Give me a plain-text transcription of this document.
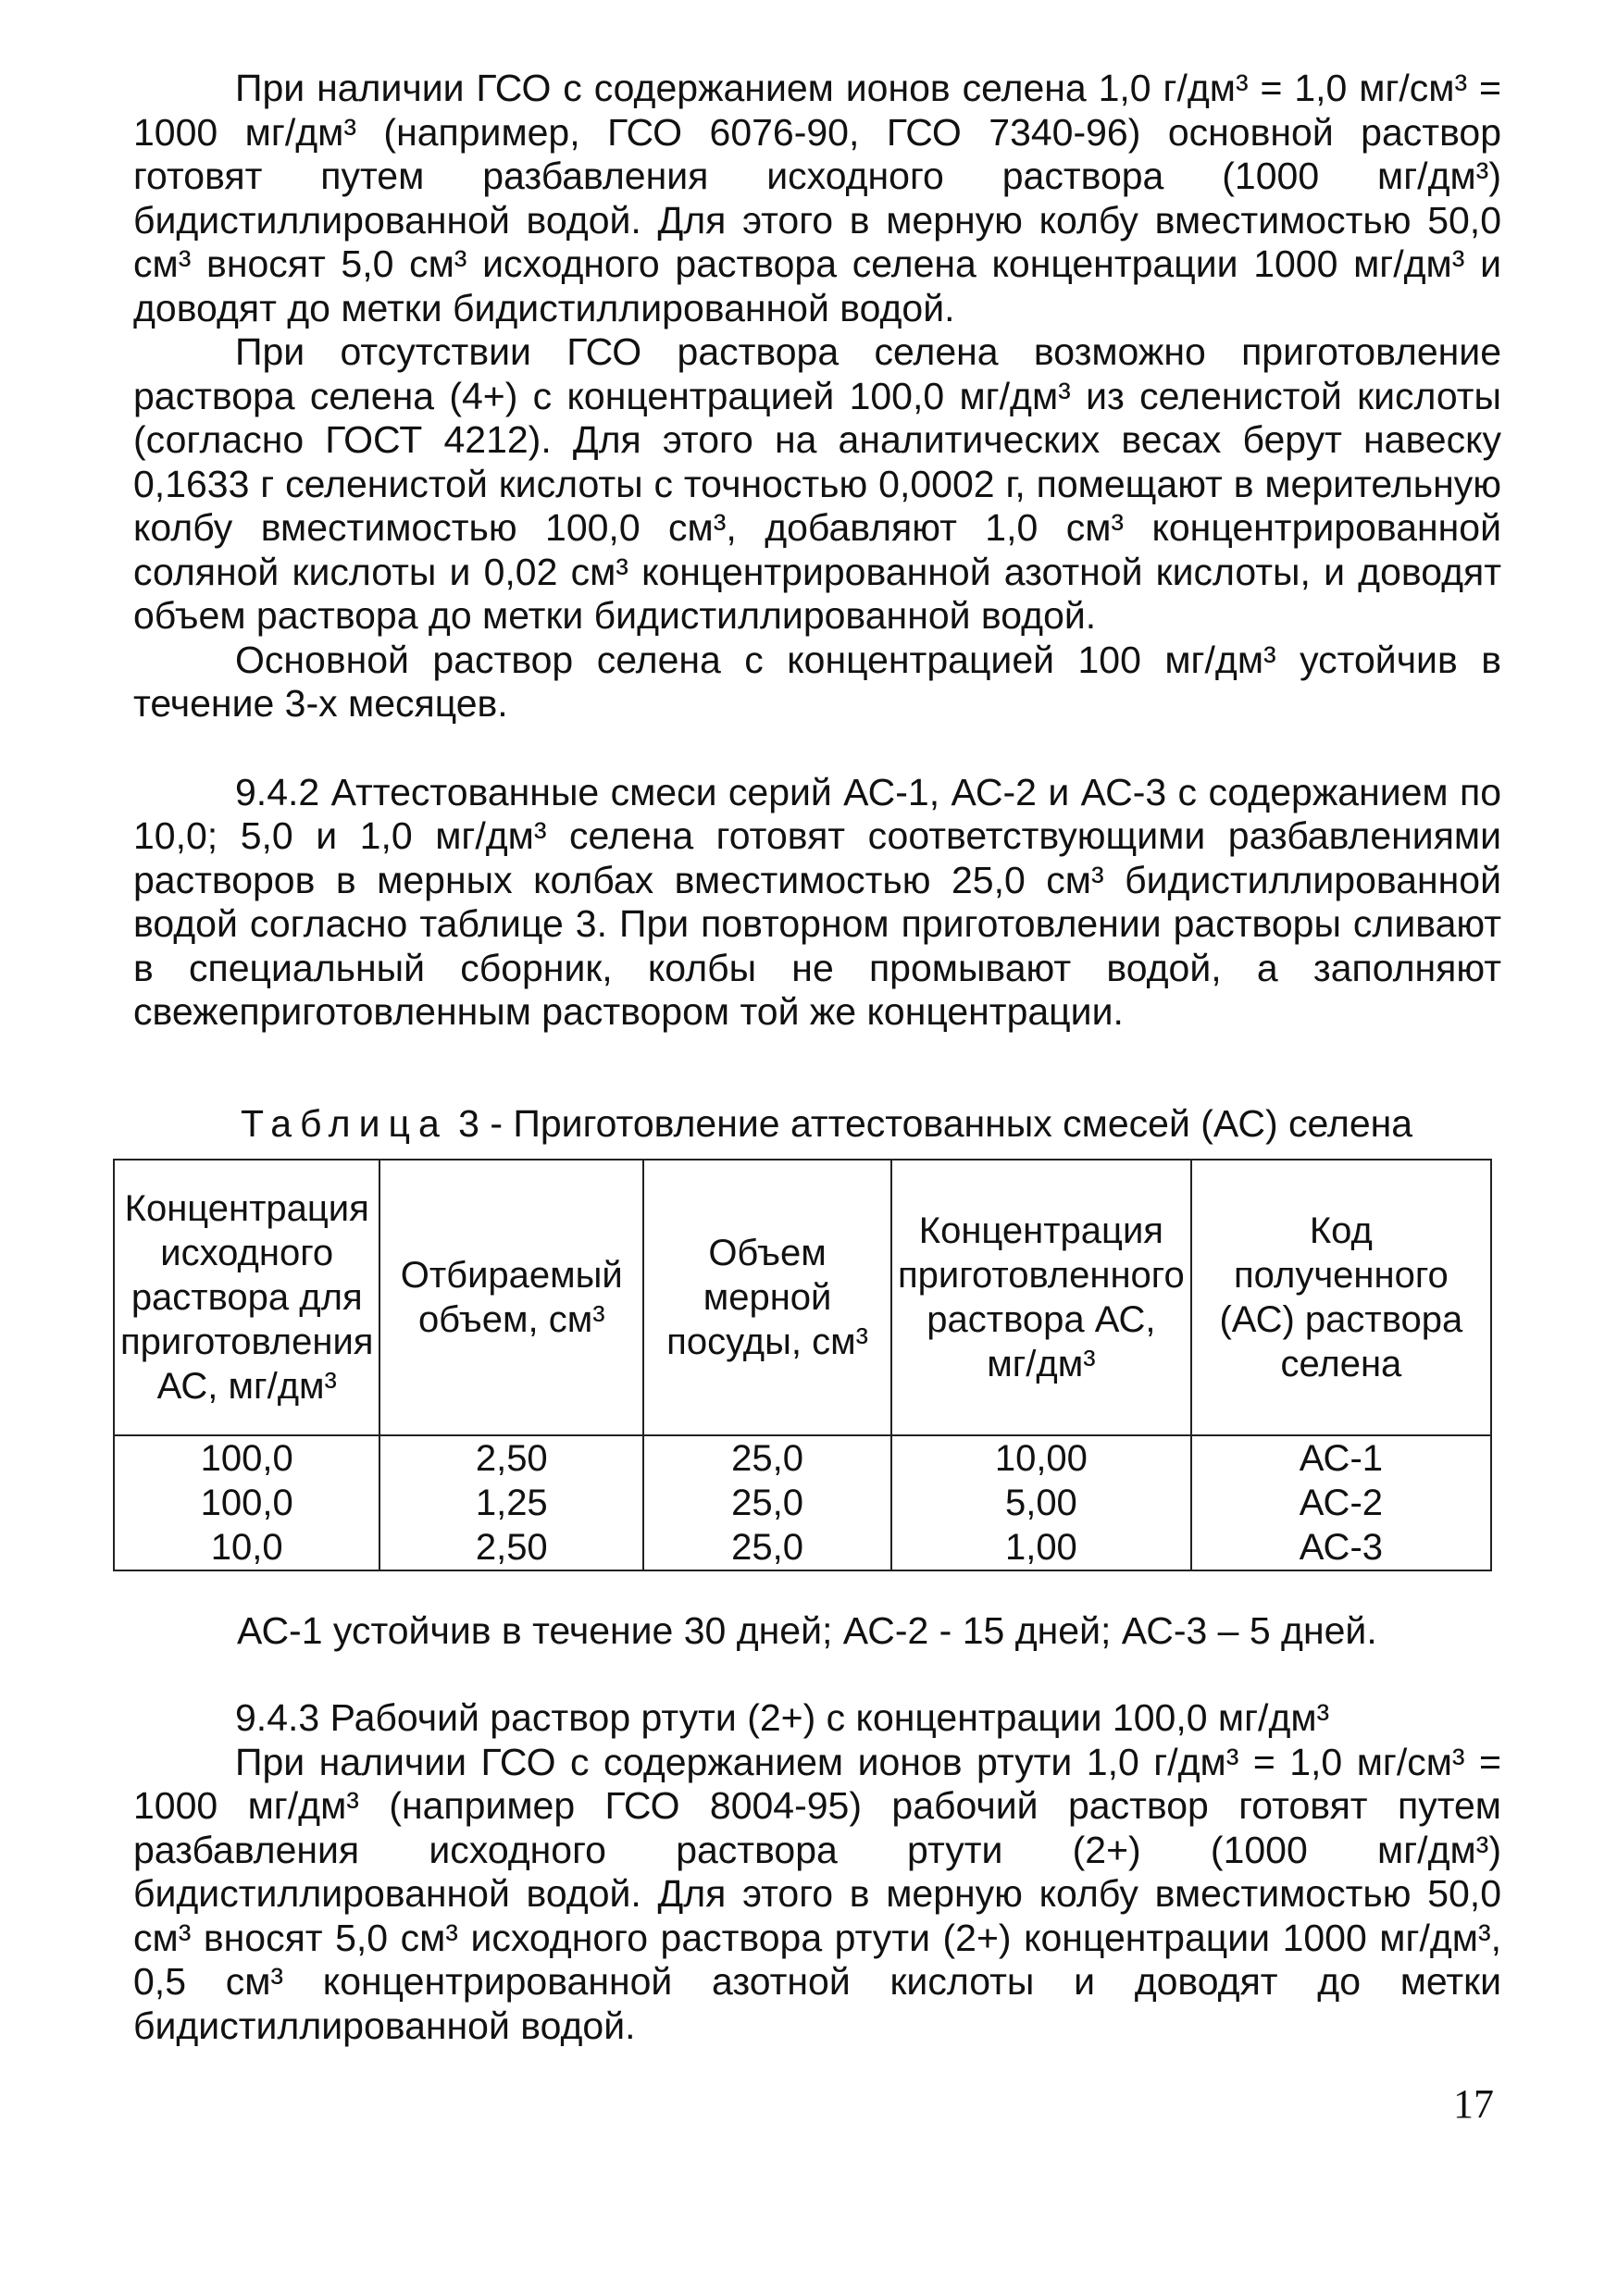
При наличии ГСО с содержанием ионов селена 1,0 г/дм³ = 1,0 мг/см³ = 1000 мг/дм³ (например, ГСО 6076-90, ГСО 7340-96) основной раствор готовят путем разбавления исходного раствора (1000 мг/дм³) бидистиллированной водой. Для этого в мерную колбу вместимостью 50,0 см³ вносят 5,0 см³ исходного раствора селена концентрации 1000 мг/дм³ и доводят до метки бидистиллированной водой.

При отсутствии ГСО раствора селена возможно приготовление раствора селена (4+) с концентрацией 100,0 мг/дм³ из селенистой кислоты (согласно ГОСТ 4212). Для этого на аналитических весах берут навеску 0,1633 г селенистой кислоты с точностью 0,0002 г, помещают в мерительную колбу вместимостью 100,0 см³, добавляют 1,0 см³ концентрированной соляной кислоты и 0,02 см³ концентрированной азотной кислоты, и доводят объем раствора до метки бидистиллированной водой.

Основной раствор селена с концентрацией 100 мг/дм³ устойчив в течение 3-х месяцев.

9.4.2 Аттестованные смеси серий АС-1, АС-2 и АС-3 с содержанием по 10,0; 5,0 и 1,0 мг/дм³ селена готовят соответствующими разбавлениями растворов в мерных колбах вместимостью 25,0 см³ бидистиллированной водой согласно таблице 3. При повторном приготовлении растворы сливают в специальный сборник, колбы не промывают водой, а заполняют свежеприготовленным раствором той же концентрации.

Таблица 3 - Приготовление аттестованных смесей (АС) селена
Концентрация исходного раствора для приготовления АС, мг/дм³	Отбираемый объем, см³	Объем мерной посуды, см³	Концентрация приготовленного раствора АС, мг/дм³	Код полученного (АС) раствора селена
100,0	2,50	25,0	10,00	АС-1
100,0	1,25	25,0	5,00	АС-2
10,0	2,50	25,0	1,00	АС-3
АС-1 устойчив в течение 30 дней; АС-2 - 15 дней; АС-3 – 5 дней.

9.4.3 Рабочий раствор ртути (2+) с концентрации 100,0 мг/дм³

При наличии ГСО с содержанием ионов ртути 1,0 г/дм³ = 1,0 мг/см³ = 1000 мг/дм³ (например ГСО 8004-95) рабочий раствор готовят путем разбавления исходного раствора ртути (2+) (1000 мг/дм³) бидистиллированной водой. Для этого в мерную колбу вместимостью 50,0 см³ вносят 5,0 см³ исходного раствора ртути (2+) концентрации 1000 мг/дм³, 0,5 см³ концентрированной азотной кислоты и доводят до метки бидистиллированной водой.

17
